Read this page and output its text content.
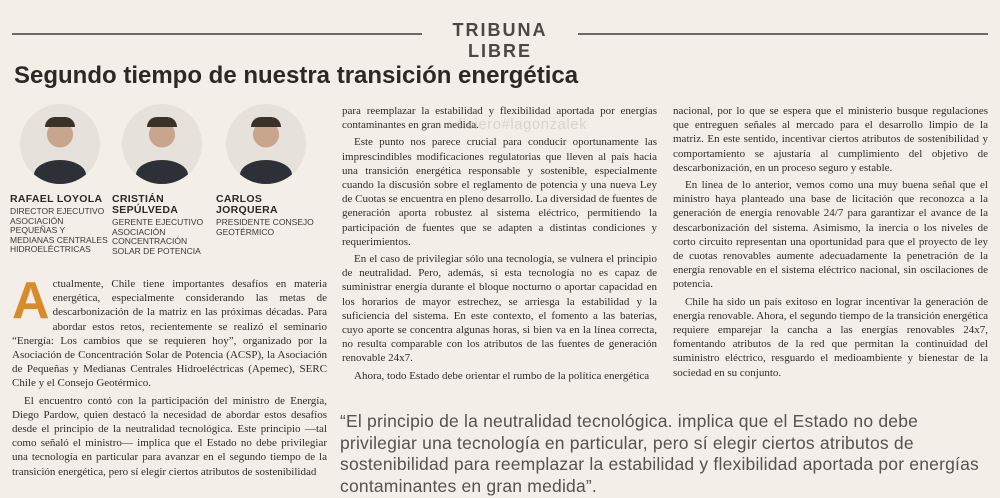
TRIBUNA LIBRE
Segundo tiempo de nuestra transición energética
ficiero#lagonzalek
RAFAEL LOYOLA
DIRECTOR EJECUTIVO ASOCIACIÓN PEQUEÑAS Y MEDIANAS CENTRALES HIDROELÉCTRICAS
CRISTIÁN SEPÚLVEDA
GERENTE EJECUTIVO ASOCIACIÓN CONCENTRACIÓN SOLAR DE POTENCIA
CARLOS JORQUERA
PRESIDENTE CONSEJO GEOTÉRMICO

Actualmente, Chile tiene importantes desafíos en materia energética, especialmente considerando las metas de descarbonización de la matriz en las próximas décadas. Para abordar estos retos, recientemente se realizó el seminario “Energía: Los cambios que se requieren hoy”, organizado por la Asociación de Concentración Solar de Potencia (ACSP), la Asociación de Pequeñas y Medianas Centrales Hidroeléctricas (Apemec), SERC Chile y el Consejo Geotérmico.

El encuentro contó con la participación del ministro de Energía, Diego Pardow, quien destacó la necesidad de abordar estos desafíos desde el principio de la neutralidad tecnológica. Este principio —tal como señaló el ministro— implica que el Estado no debe privilegiar una tecnología en particular para avanzar en el segundo tiempo de la transición energética, pero sí elegir ciertos atributos de sostenibilidad

para reemplazar la estabilidad y flexibilidad aportada por energías contaminantes en gran medida.

Este punto nos parece crucial para conducir oportunamente las imprescindibles modificaciones regulatorias que lleven al país hacia una transición energética responsable y sostenible, especialmente cuando la discusión sobre el reglamento de potencia y una nueva Ley de Cuotas se encuentra en pleno desarrollo. La diversidad de fuentes de generación aporta robustez al sistema eléctrico, permitiendo la participación de fuentes que se adapten a distintas condiciones y requerimientos.

En el caso de privilegiar sólo una tecnología, se vulnera el principio de neutralidad. Pero, además, si esta tecnología no es capaz de suministrar energía durante el bloque nocturno o aportar capacidad en los horarios de mayor estrechez, se arriesga la estabilidad y la suficiencia del sistema. En este contexto, el fomento a las baterías, cuyo aporte se concentra algunas horas, si bien va en la línea correcta, no resulta comparable con los atributos de las fuentes de generación renovable 24x7.

Ahora, todo Estado debe orientar el rumbo de la política energética

nacional, por lo que se espera que el ministerio busque regulaciones que entreguen señales al mercado para el desarrollo limpio de la matriz. En este sentido, incentivar ciertos atributos de sostenibilidad y comportamiento se ajustaría al cumplimiento del objetivo de descarbonización, en un proceso seguro y estable.

En línea de lo anterior, vemos como una muy buena señal que el ministro haya planteado una base de licitación que reconozca a la generación de energía renovable 24/7 para garantizar el avance de la descarbonización del sistema. Asimismo, la inercia o los niveles de corto circuito representan una oportunidad para que el proyecto de ley de cuotas renovables aumente adecuadamente la penetración de la energía renovable en el sistema eléctrico nacional, sin oscilaciones de potencia.

Chile ha sido un país exitoso en lograr incentivar la generación de energía renovable. Ahora, el segundo tiempo de la transición energética requiere emparejar la cancha a las energías renovables 24x7, fomentando atributos de la red que permitan la continuidad del suministro eléctrico, resguardo el medioambiente y bienestar de la sociedad en su conjunto.

“El principio de la neutralidad tecnológica. implica que el Estado no debe privilegiar una tecnología en particular, pero sí elegir ciertos atributos de sostenibilidad para reemplazar la estabilidad y flexibilidad aportada por energías contaminantes en gran medida”.
